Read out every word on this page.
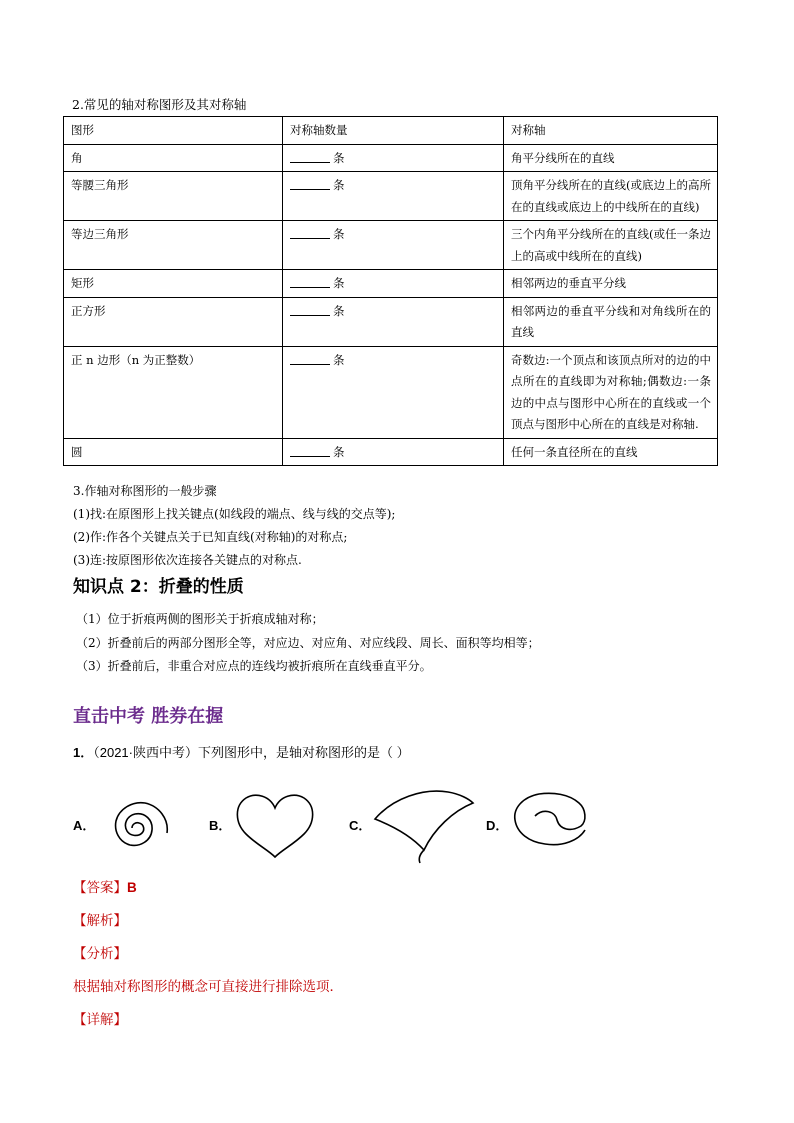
2.常见的轴对称图形及其对称轴
图形	对称轴数量	对称轴
角	条	角平分线所在的直线
等腰三角形	条	顶角平分线所在的直线(或底边上的高所在的直线或底边上的中线所在的直线)
等边三角形	条	三个内角平分线所在的直线(或任一条边上的高或中线所在的直线)
矩形	条	相邻两边的垂直平分线
正方形	条	相邻两边的垂直平分线和对角线所在的直线
正 n 边形（n 为正整数）	条	奇数边:一个顶点和该顶点所对的边的中点所在的直线即为对称轴;偶数边:一条边的中点与图形中心所在的直线或一个顶点与图形中心所在的直线是对称轴.
圆	条	任何一条直径所在的直线
3.作轴对称图形的一般步骤
(1)找:在原图形上找关键点(如线段的端点、线与线的交点等);
(2)作:作各个关键点关于已知直线(对称轴)的对称点;
(3)连:按原图形依次连接各关键点的对称点.
知识点 2：折叠的性质
（1）位于折痕两侧的图形关于折痕成轴对称；
（2）折叠前后的两部分图形全等，对应边、对应角、对应线段、周长、面积等均相等；
（3）折叠前后，非重合对应点的连线均被折痕所在直线垂直平分。
直击中考 胜券在握
1．（2021·陕西中考）下列图形中，是轴对称图形的是（ ）
A．	B．	C．	D．
【答案】B
【解析】
【分析】
根据轴对称图形的概念可直接进行排除选项．
【详解】
